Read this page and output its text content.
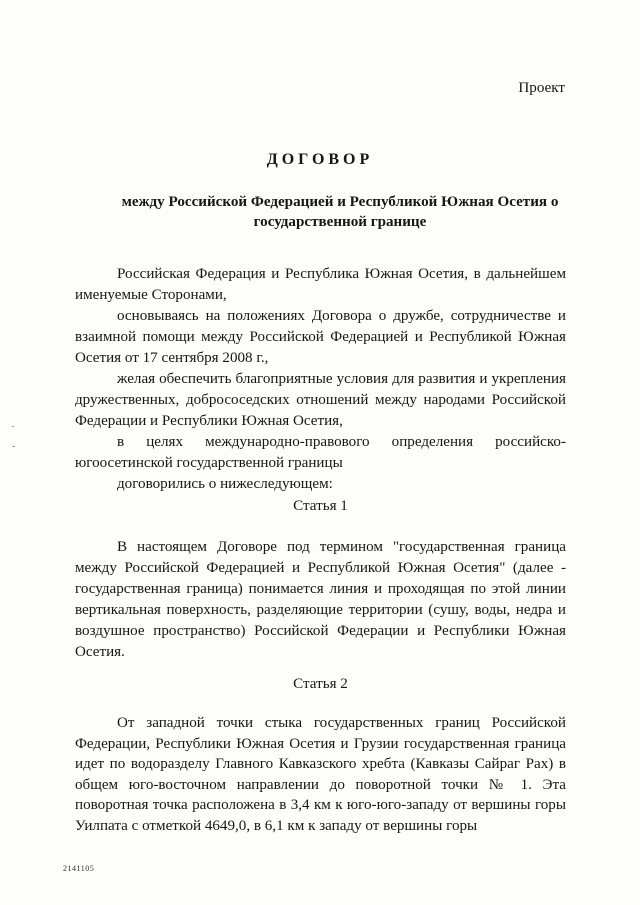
Проект

ДОГОВОР

между Российской Федерацией и Республикой Южная Осетия о государственной границе

Российская Федерация и Республика Южная Осетия, в дальнейшем именуемые Сторонами,

основываясь на положениях Договора о дружбе, сотрудничестве и взаимной помощи между Российской Федерацией и Республикой Южная Осетия от 17 сентября 2008 г.,

желая обеспечить благоприятные условия для развития и укрепления дружественных, добрососедских отношений между народами Российской Федерации и Республики Южная Осетия,

в целях международно-правового определения российско-югоосетинской государственной границы

договорились о нижеследующем:

Статья 1

В настоящем Договоре под термином "государственная граница между Российской Федерацией и Республикой Южная Осетия" (далее - государственная граница) понимается линия и проходящая по этой линии вертикальная поверхность, разделяющие территории (сушу, воды, недра и воздушное пространство) Российской Федерации и Республики Южная Осетия.

Статья 2

От западной точки стыка государственных границ Российской Федерации, Республики Южная Осетия и Грузии государственная граница идет по водоразделу Главного Кавказского хребта (Кавказы Сайраг Рах) в общем юго-восточном направлении до поворотной точки № 1. Эта поворотная точка расположена в 3,4 км к юго-юго-западу от вершины горы Уилпата с отметкой 4649,0, в 6,1 км к западу от вершины горы

2141105
